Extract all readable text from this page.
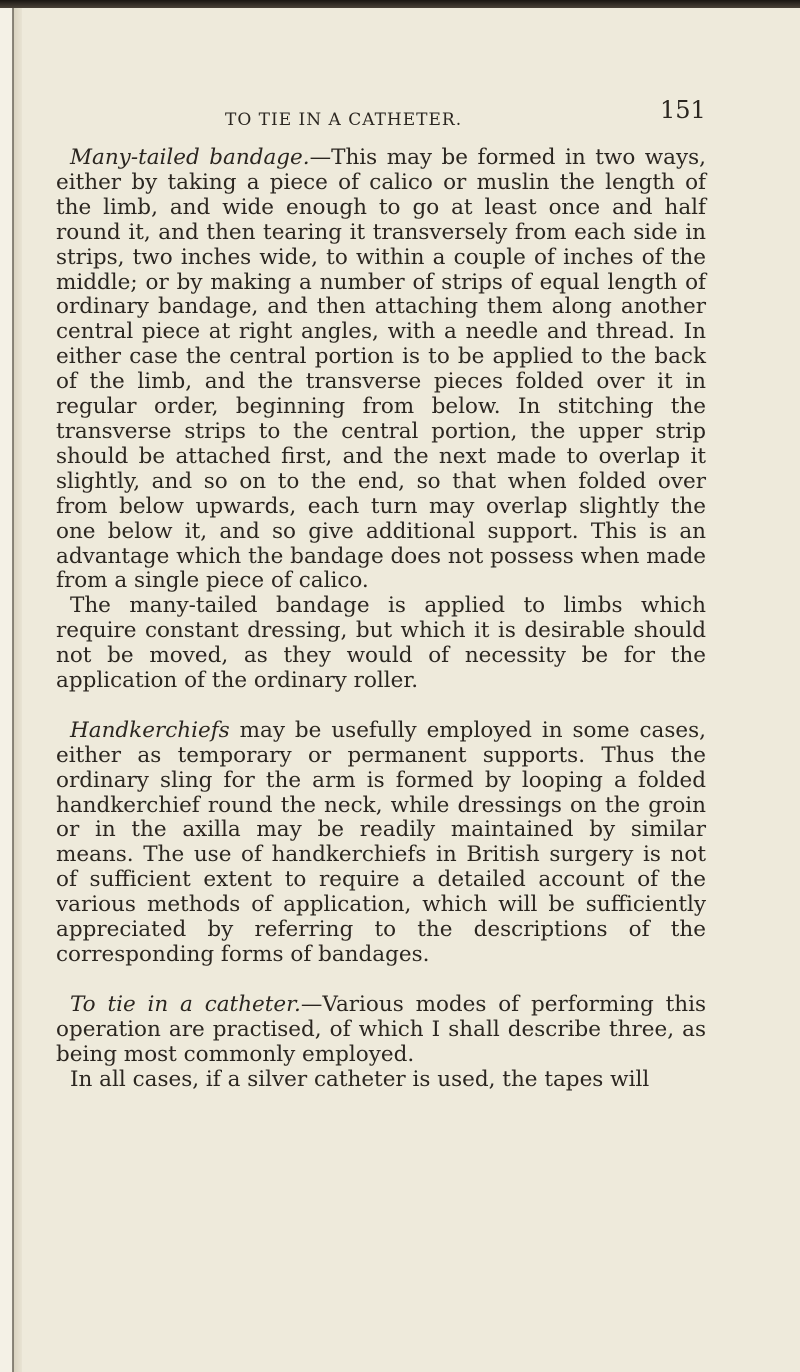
TO TIE IN A CATHETER.	151

Many-tailed bandage.—This may be formed in two ways, either by taking a piece of calico or muslin the length of the limb, and wide enough to go at least once and half round it, and then tearing it transversely from each side in strips, two inches wide, to within a couple of inches of the middle; or by making a number of strips of equal length of ordinary bandage, and then attaching them along another central piece at right angles, with a needle and thread. In either case the central portion is to be applied to the back of the limb, and the transverse pieces folded over it in regular order, beginning from below. In stitching the transverse strips to the central portion, the upper strip should be attached first, and the next made to overlap it slightly, and so on to the end, so that when folded over from below upwards, each turn may overlap slightly the one below it, and so give additional support. This is an advantage which the bandage does not possess when made from a single piece of calico.

The many-tailed bandage is applied to limbs which require constant dressing, but which it is desirable should not be moved, as they would of necessity be for the application of the ordinary roller.

Handkerchiefs may be usefully employed in some cases, either as temporary or permanent supports. Thus the ordinary sling for the arm is formed by looping a folded handkerchief round the neck, while dressings on the groin or in the axilla may be readily maintained by similar means. The use of handkerchiefs in British surgery is not of sufficient extent to require a detailed account of the various methods of application, which will be sufficiently appreciated by referring to the descriptions of the corresponding forms of bandages.

To tie in a catheter.—Various modes of performing this operation are practised, of which I shall describe three, as being most commonly employed.

In all cases, if a silver catheter is used, the tapes will
